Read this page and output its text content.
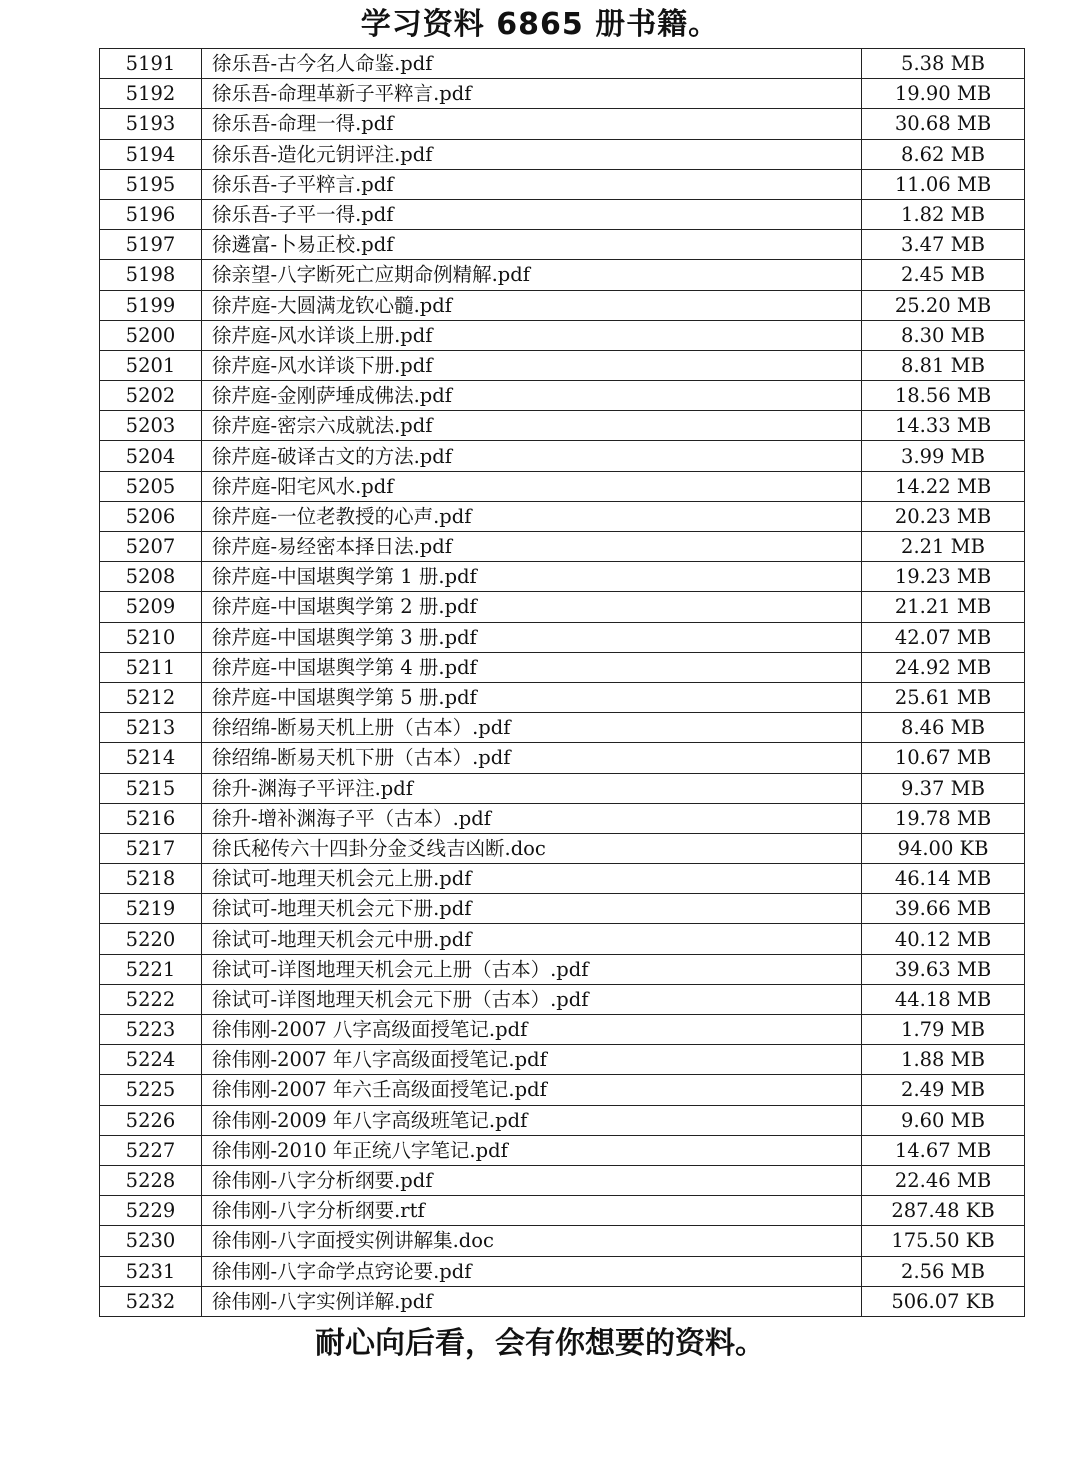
学习资料 6865 册书籍。
5191	徐乐吾-古今名人命鉴.pdf	5.38 MB
5192	徐乐吾-命理革新子平粹言.pdf	19.90 MB
5193	徐乐吾-命理一得.pdf	30.68 MB
5194	徐乐吾-造化元钥评注.pdf	8.62 MB
5195	徐乐吾-子平粹言.pdf	11.06 MB
5196	徐乐吾-子平一得.pdf	1.82 MB
5197	徐遴富-卜易正校.pdf	3.47 MB
5198	徐亲望-八字断死亡应期命例精解.pdf	2.45 MB
5199	徐芹庭-大圆满龙钦心髓.pdf	25.20 MB
5200	徐芹庭-风水详谈上册.pdf	8.30 MB
5201	徐芹庭-风水详谈下册.pdf	8.81 MB
5202	徐芹庭-金刚萨埵成佛法.pdf	18.56 MB
5203	徐芹庭-密宗六成就法.pdf	14.33 MB
5204	徐芹庭-破译古文的方法.pdf	3.99 MB
5205	徐芹庭-阳宅风水.pdf	14.22 MB
5206	徐芹庭-一位老教授的心声.pdf	20.23 MB
5207	徐芹庭-易经密本择日法.pdf	2.21 MB
5208	徐芹庭-中国堪舆学第 1 册.pdf	19.23 MB
5209	徐芹庭-中国堪舆学第 2 册.pdf	21.21 MB
5210	徐芹庭-中国堪舆学第 3 册.pdf	42.07 MB
5211	徐芹庭-中国堪舆学第 4 册.pdf	24.92 MB
5212	徐芹庭-中国堪舆学第 5 册.pdf	25.61 MB
5213	徐绍绵-断易天机上册（古本）.pdf	8.46 MB
5214	徐绍绵-断易天机下册（古本）.pdf	10.67 MB
5215	徐升-渊海子平评注.pdf	9.37 MB
5216	徐升-增补渊海子平（古本）.pdf	19.78 MB
5217	徐氏秘传六十四卦分金爻线吉凶断.doc	94.00 KB
5218	徐试可-地理天机会元上册.pdf	46.14 MB
5219	徐试可-地理天机会元下册.pdf	39.66 MB
5220	徐试可-地理天机会元中册.pdf	40.12 MB
5221	徐试可-详图地理天机会元上册（古本）.pdf	39.63 MB
5222	徐试可-详图地理天机会元下册（古本）.pdf	44.18 MB
5223	徐伟刚-2007 八字高级面授笔记.pdf	1.79 MB
5224	徐伟刚-2007 年八字高级面授笔记.pdf	1.88 MB
5225	徐伟刚-2007 年六壬高级面授笔记.pdf	2.49 MB
5226	徐伟刚-2009 年八字高级班笔记.pdf	9.60 MB
5227	徐伟刚-2010 年正统八字笔记.pdf	14.67 MB
5228	徐伟刚-八字分析纲要.pdf	22.46 MB
5229	徐伟刚-八字分析纲要.rtf	287.48 KB
5230	徐伟刚-八字面授实例讲解集.doc	175.50 KB
5231	徐伟刚-八字命学点窍论要.pdf	2.56 MB
5232	徐伟刚-八字实例详解.pdf	506.07 KB
耐心向后看，会有你想要的资料。
